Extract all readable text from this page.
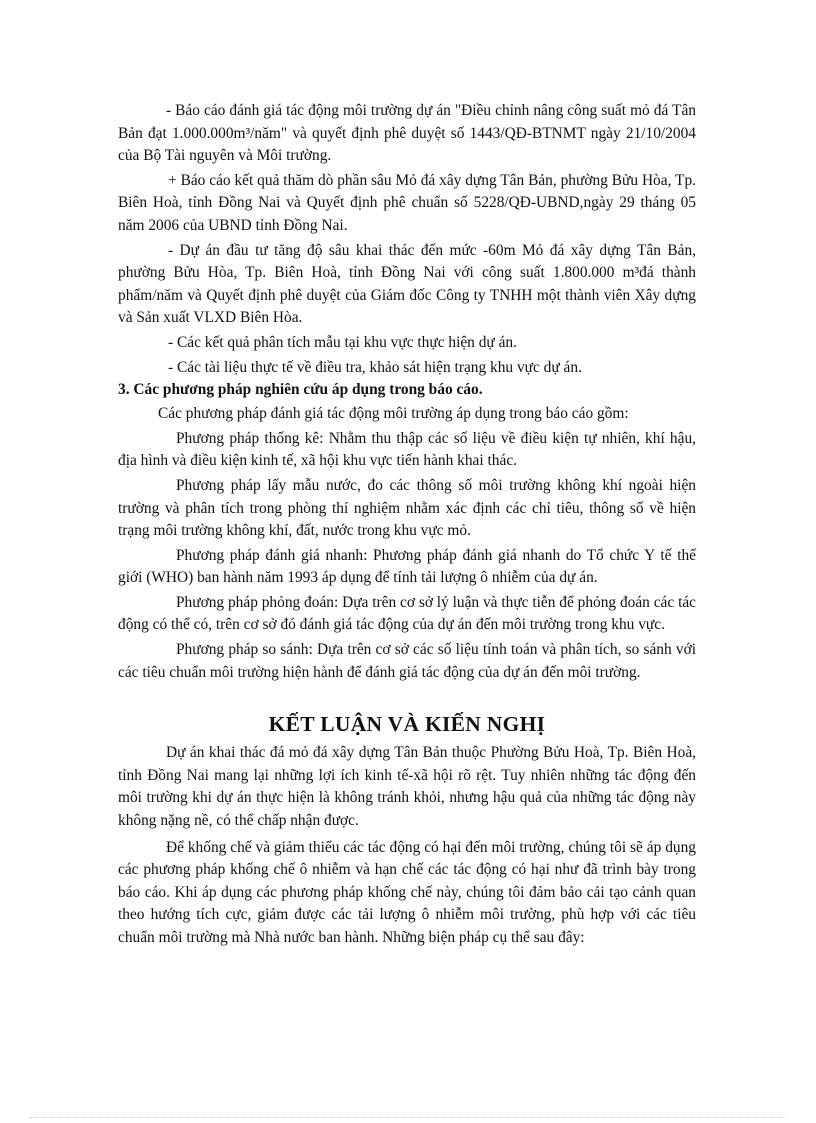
- Báo cáo đánh giá tác động môi trường dự án "Điều chỉnh nâng công suất mỏ đá Tân Bản đạt 1.000.000m³/năm" và quyết định phê duyệt số 1443/QĐ-BTNMT ngày 21/10/2004 của Bộ Tài nguyên và Môi trường.

+ Báo cáo kết quả thăm dò phần sâu Mỏ đá xây dựng Tân Bản, phường Bửu Hòa, Tp. Biên Hoà, tỉnh Đồng Nai và Quyết định phê chuẩn số 5228/QĐ-UBND,ngày 29 tháng 05 năm 2006 của UBND tỉnh Đồng Nai.

- Dự án đầu tư tăng độ sâu khai thác đến mức -60m Mỏ đá xây dựng Tân Bản, phường Bửu Hòa, Tp. Biên Hoà, tỉnh Đồng Nai với công suất 1.800.000 m³đá thành phẩm/năm và Quyết định phê duyệt của Giám đốc Công ty TNHH một thành viên Xây dựng và Sản xuất VLXD Biên Hòa.

- Các kết quả phân tích mẫu tại khu vực thực hiện dự án.

- Các tài liệu thực tế về điều tra, khảo sát hiện trạng khu vực dự án.

3. Các phương pháp nghiên cứu áp dụng trong báo cáo.

Các phương pháp đánh giá tác động môi trường áp dụng trong báo cáo gồm:

Phương pháp thống kê: Nhằm thu thập các số liệu về điều kiện tự nhiên, khí hậu, địa hình và điều kiện kinh tế, xã hội khu vực tiến hành khai thác.

Phương pháp lấy mẫu nước, đo các thông số môi trường không khí ngoài hiện trường và phân tích trong phòng thí nghiệm nhằm xác định các chỉ tiêu, thông số về hiện trạng môi trường không khí, đất, nước trong khu vực mỏ.

Phương pháp đánh giá nhanh: Phương pháp đánh giá nhanh do Tổ chức Y tế thế giới (WHO) ban hành năm 1993 áp dụng để tính tải lượng ô nhiễm của dự án.

Phương pháp phỏng đoán: Dựa trên cơ sở lý luận và thực tiễn để phỏng đoán các tác động có thể có, trên cơ sở đó đánh giá tác động của dự án đến môi trường trong khu vực.

Phương pháp so sánh: Dựa trên cơ sở các số liệu tính toán và phân tích, so sánh với các tiêu chuẩn môi trường hiện hành để đánh giá tác động của dự án đến môi trường.

KẾT LUẬN VÀ KIẾN NGHỊ

Dự án khai thác đá mỏ đá xây dựng Tân Bản thuộc Phường Bửu Hoà, Tp. Biên Hoà, tỉnh Đồng Nai mang lại những lợi ích kinh tế-xã hội rõ rệt. Tuy nhiên những tác động đến môi trường khi dự án thực hiện là không tránh khỏi, nhưng hậu quả của những tác động này không nặng nề, có thể chấp nhận được.

Để khống chế và giảm thiểu các tác động có hại đến môi trường, chúng tôi sẽ áp dụng các phương pháp khống chế ô nhiễm và hạn chế các tác động có hại như đã trình bày trong báo cáo. Khi áp dụng các phương pháp khống chế này, chúng tôi đảm bảo cải tạo cảnh quan theo hướng tích cực, giảm được các tải lượng ô nhiễm môi trường, phù hợp với các tiêu chuẩn môi trường mà Nhà nước ban hành. Những biện pháp cụ thể sau đây:
